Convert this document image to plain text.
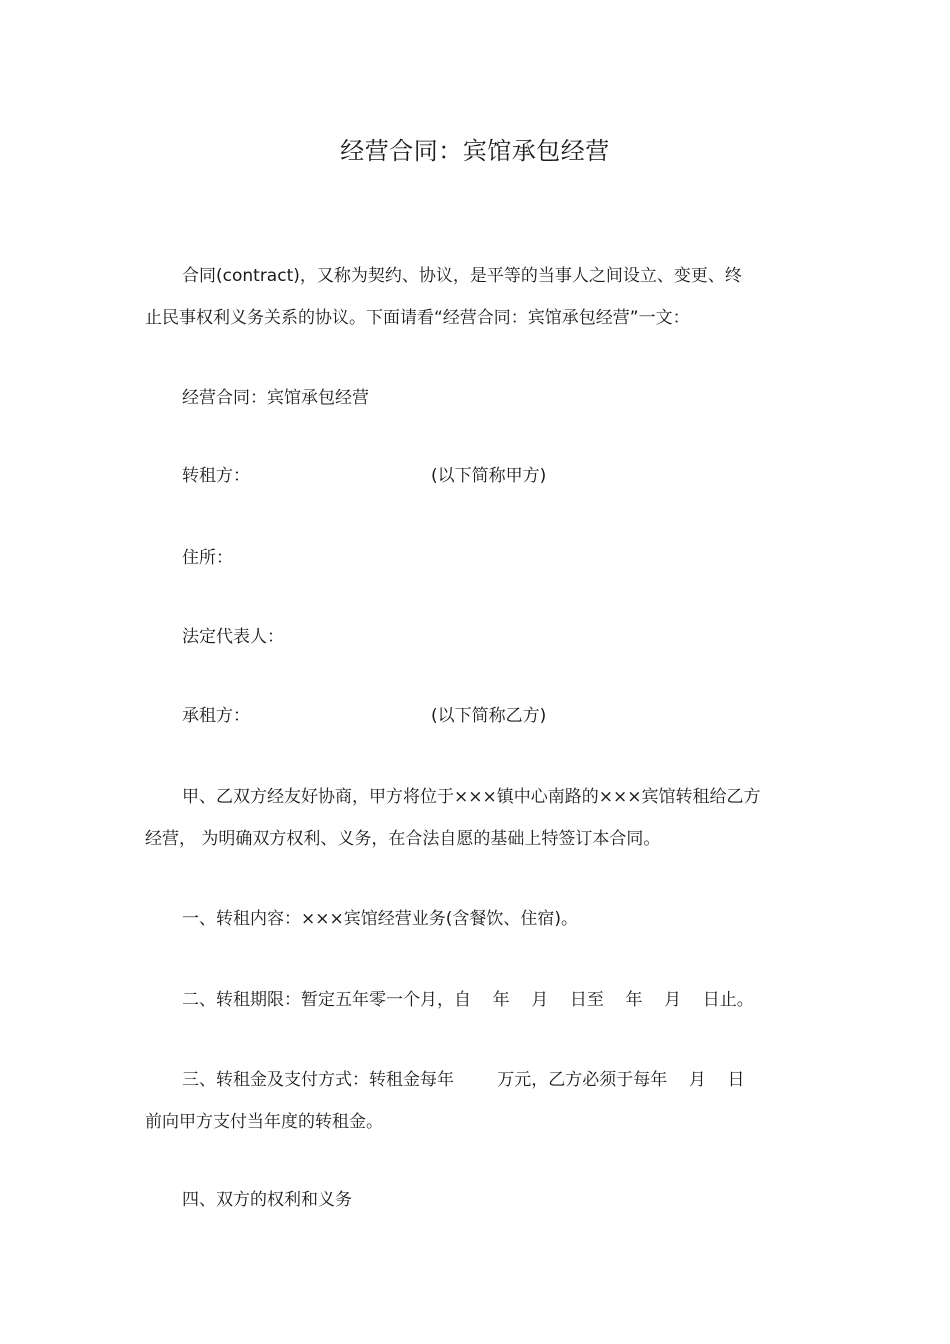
经营合同：宾馆承包经营
合同(contract)，又称为契约、协议，是平等的当事人之间设立、变更、终
止民事权利义务关系的协议。下面请看“经营合同：宾馆承包经营”一文：
经营合同：宾馆承包经营
转租方：	(以下简称甲方)
住所：
法定代表人：
承租方：	(以下简称乙方)
甲、乙双方经友好协商，甲方将位于×××镇中心南路的×××宾馆转租给乙方
经营， 为明确双方权利、义务，在合法自愿的基础上特签订本合同。
一、转租内容：×××宾馆经营业务(含餐饮、住宿)。
二、转租期限：暂定五年零一个月，自    年    月    日至    年    月    日止。
三、转租金及支付方式：转租金每年        万元，乙方必须于每年    月    日
前向甲方支付当年度的转租金。
四、双方的权利和义务
